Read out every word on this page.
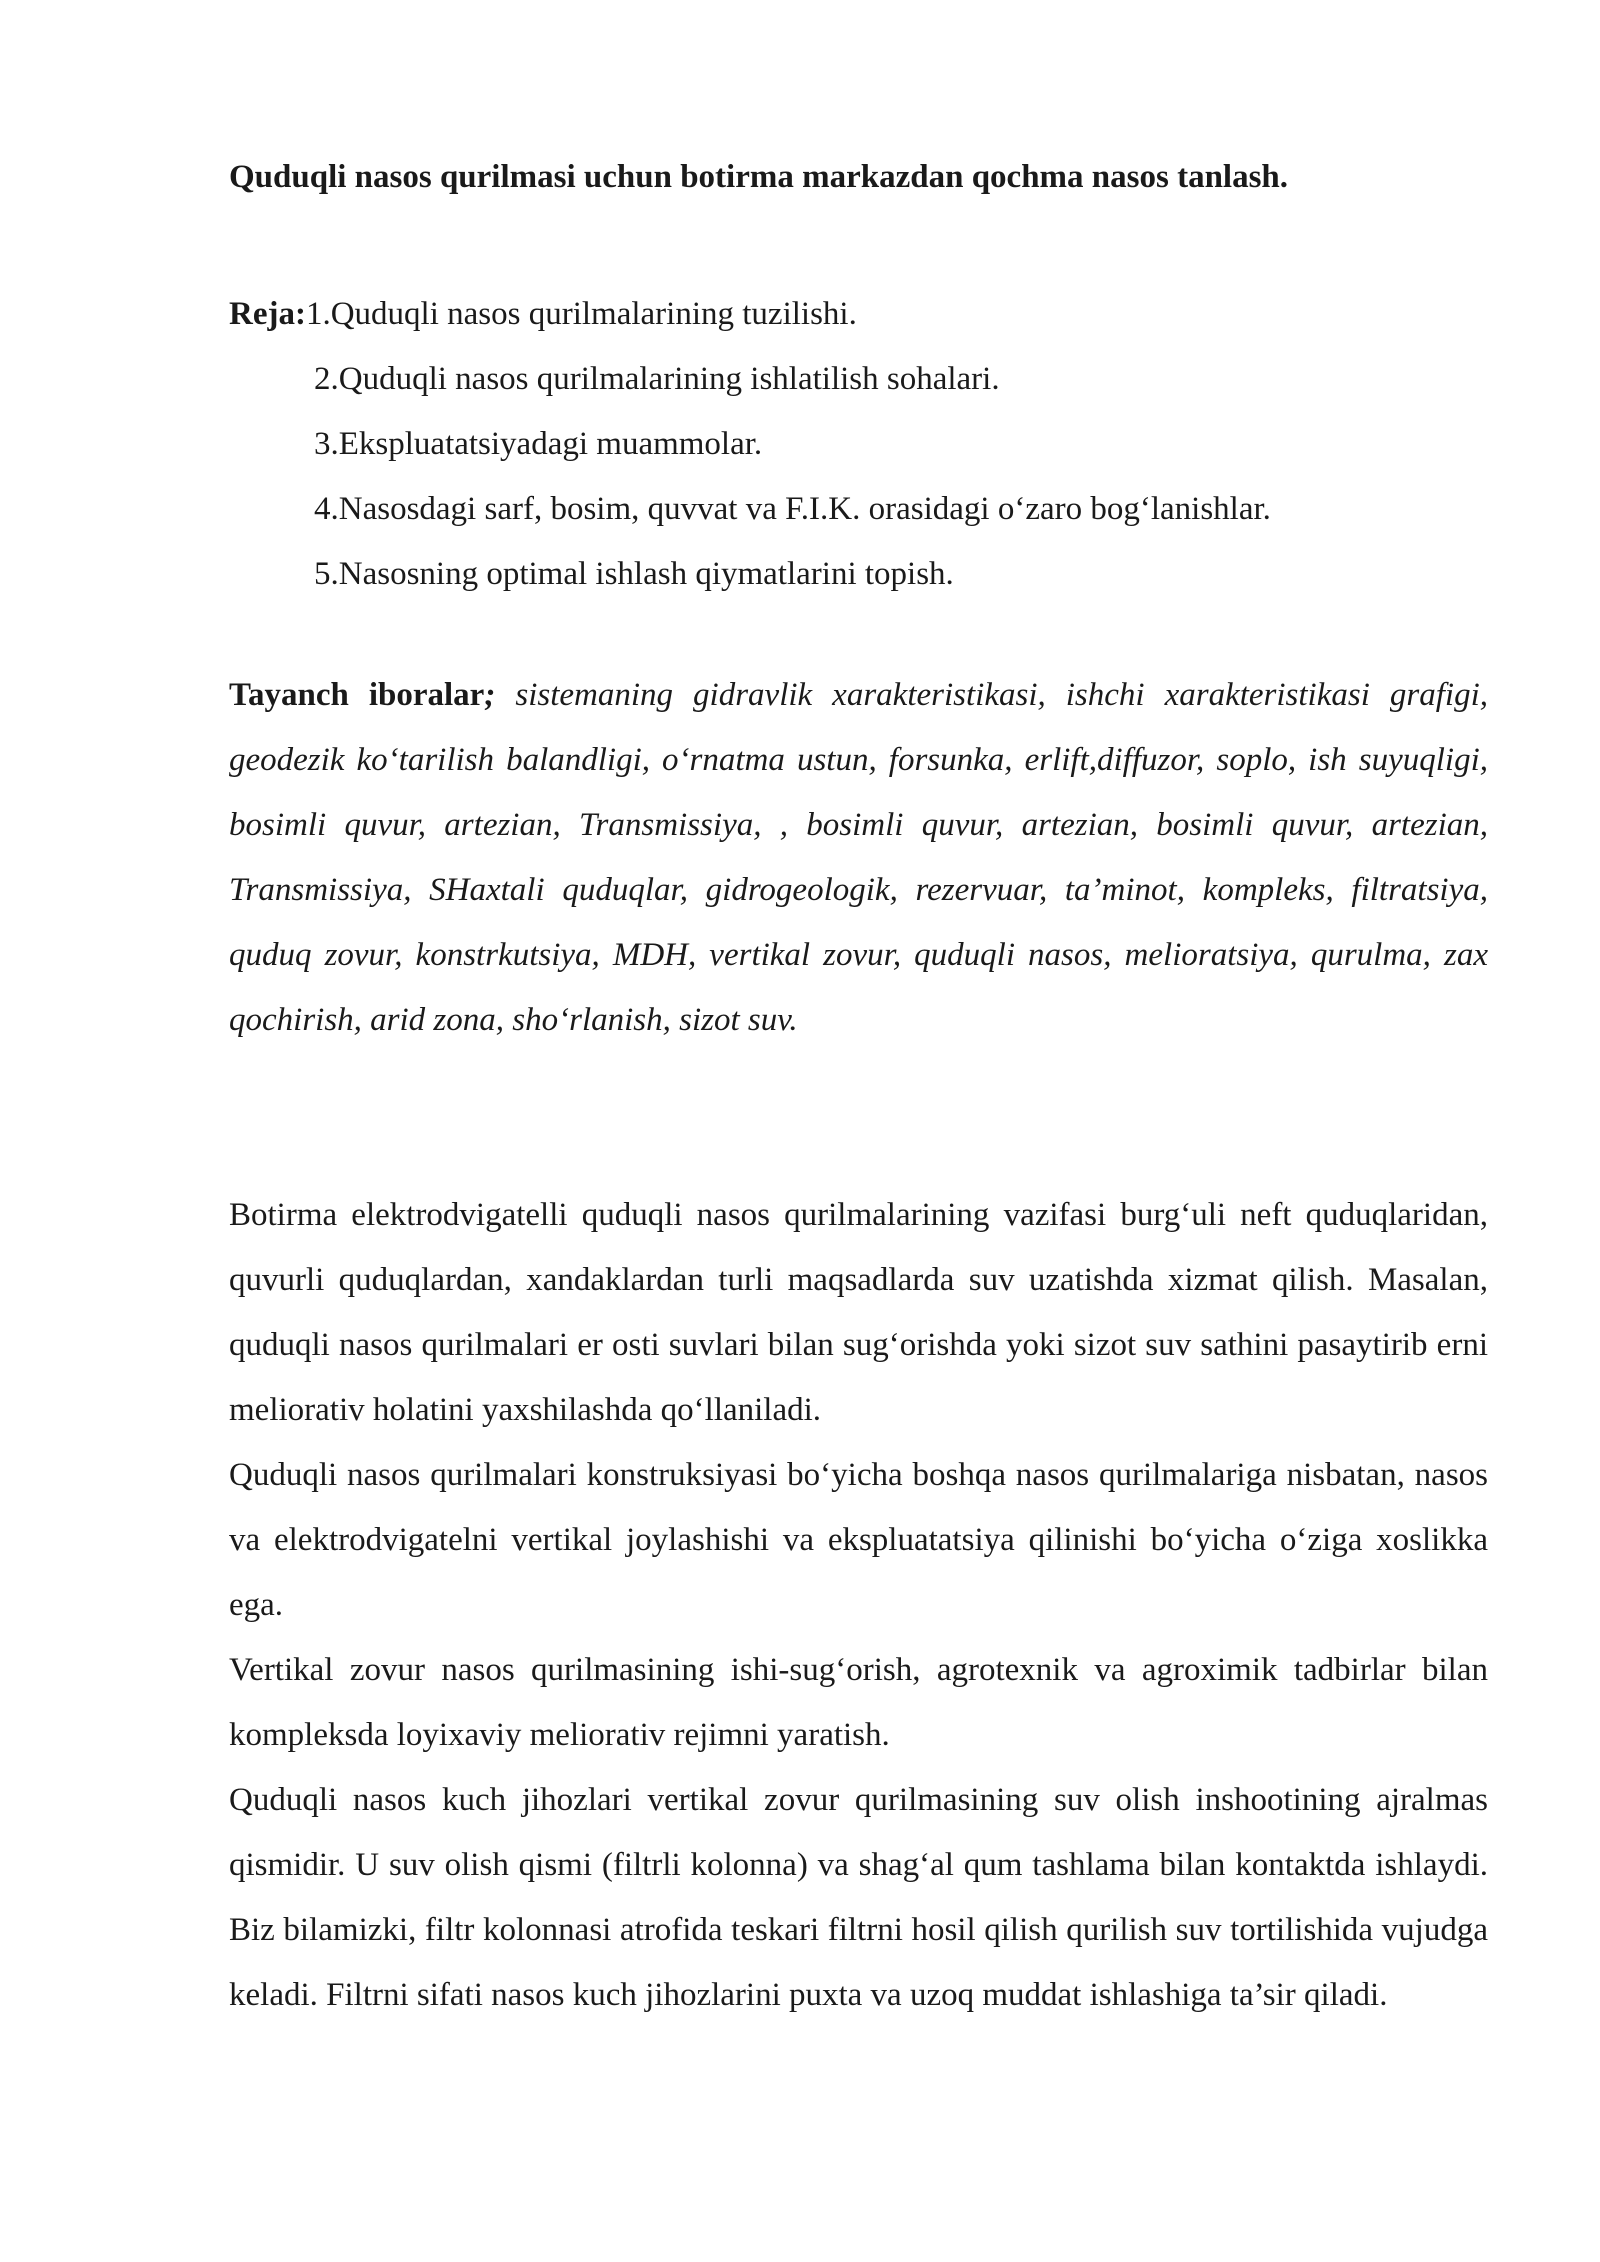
Quduqli nasos qurilmasi uchun botirma markazdan qochma nasos tanlash.
Reja:1.Quduqli nasos qurilmalarining tuzilishi.
2.Quduqli nasos qurilmalarining ishlatilish sohalari.
3.Ekspluatatsiyadagi muammolar.
4.Nasosdagi sarf, bosim, quvvat va F.I.K. orasidagi o‘zaro bog‘lanishlar.
5.Nasosning optimal ishlash qiymatlarini topish.

Tayanch iboralar; sistemaning gidravlik xarakteristikasi, ishchi xarakteristikasi grafigi, geodezik ko‘tarilish balandligi, o‘rnatma ustun, forsunka, erlift,diffuzor, soplo, ish suyuqligi, bosimli quvur, artezian, Transmissiya, , bosimli quvur, artezian, bosimli quvur, artezian, Transmissiya, SHaxtali quduqlar, gidrogeologik, rezervuar, ta’minot, kompleks, filtratsiya, quduq zovur, konstrkutsiya, MDH, vertikal zovur, quduqli nasos, melioratsiya, qurulma, zax qochirish, arid zona, sho‘rlanish, sizot suv.

Botirma elektrodvigatelli quduqli nasos qurilmalarining vazifasi burg‘uli neft quduqlaridan, quvurli quduqlardan, xandaklardan turli maqsadlarda suv uzatishda xizmat qilish. Masalan, quduqli nasos qurilmalari er osti suvlari bilan sug‘orishda yoki sizot suv sathini pasaytirib erni meliorativ holatini yaxshilashda qo‘llaniladi.

Quduqli nasos qurilmalari konstruksiyasi bo‘yicha boshqa nasos qurilmalariga nisbatan, nasos va elektrodvigatelni vertikal joylashishi va ekspluatatsiya qilinishi bo‘yicha o‘ziga xoslikka ega.

Vertikal zovur nasos qurilmasining ishi-sug‘orish, agrotexnik va agroximik tadbirlar bilan kompleksda loyixaviy meliorativ rejimni yaratish.

Quduqli nasos kuch jihozlari vertikal zovur qurilmasining suv olish inshootining ajralmas qismidir. U suv olish qismi (filtrli kolonna) va shag‘al qum tashlama bilan kontaktda ishlaydi. Biz bilamizki, filtr kolonnasi atrofida teskari filtrni hosil qilish qurilish suv tortilishida vujudga keladi. Filtrni sifati nasos kuch jihozlarini puxta va uzoq muddat ishlashiga ta’sir qiladi.
